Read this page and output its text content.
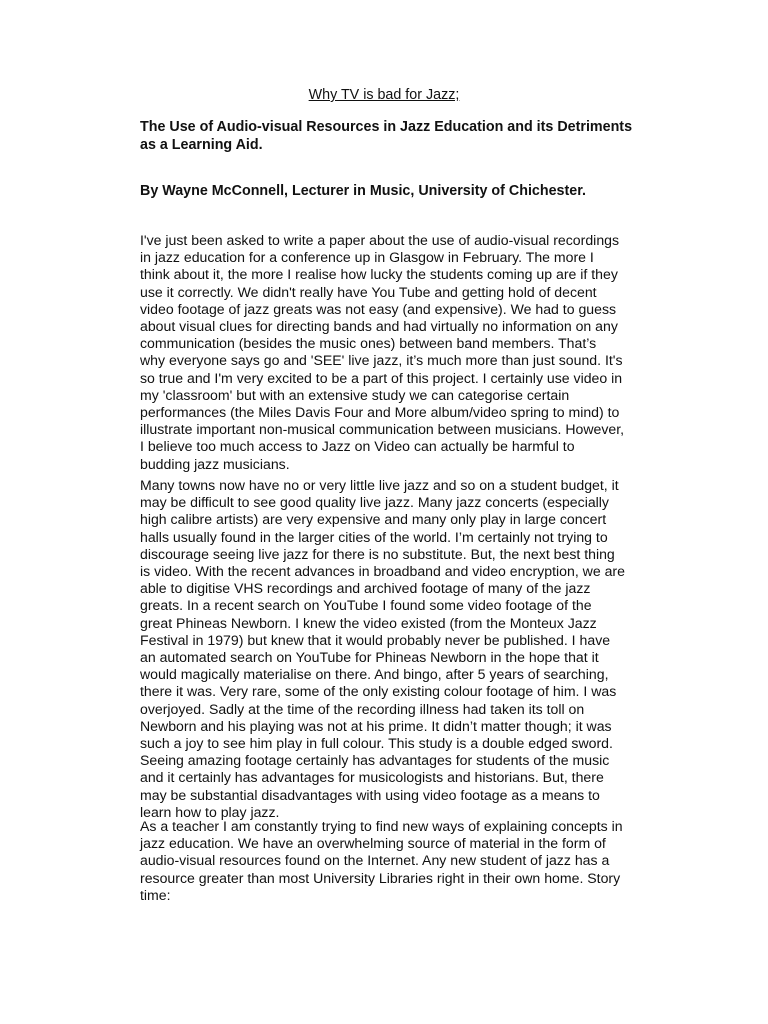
Why TV is bad for Jazz;
The Use of Audio-visual Resources in Jazz Education and its Detriments
as a Learning Aid.
By Wayne McConnell, Lecturer in Music, University of Chichester.
I've just been asked to write a paper about the use of audio-visual recordings
in jazz education for a conference up in Glasgow in February. The more I
think about it, the more I realise how lucky the students coming up are if they
use it correctly. We didn't really have You Tube and getting hold of decent
video footage of jazz greats was not easy (and expensive). We had to guess
about visual clues for directing bands and had virtually no information on any
communication (besides the music ones) between band members. That’s
why everyone says go and 'SEE' live jazz, it’s much more than just sound. It's
so true and I'm very excited to be a part of this project. I certainly use video in
my 'classroom' but with an extensive study we can categorise certain
performances (the Miles Davis Four and More album/video spring to mind) to
illustrate important non-musical communication between musicians. However,
I believe too much access to Jazz on Video can actually be harmful to
budding jazz musicians.
Many towns now have no or very little live jazz and so on a student budget, it
may be difficult to see good quality live jazz. Many jazz concerts (especially
high calibre artists) are very expensive and many only play in large concert
halls usually found in the larger cities of the world. I’m certainly not trying to
discourage seeing live jazz for there is no substitute. But, the next best thing
is video. With the recent advances in broadband and video encryption, we are
able to digitise VHS recordings and archived footage of many of the jazz
greats. In a recent search on YouTube I found some video footage of the
great Phineas Newborn. I knew the video existed (from the Monteux Jazz
Festival in 1979) but knew that it would probably never be published. I have
an automated search on YouTube for Phineas Newborn in the hope that it
would magically materialise on there. And bingo, after 5 years of searching,
there it was. Very rare, some of the only existing colour footage of him. I was
overjoyed. Sadly at the time of the recording illness had taken its toll on
Newborn and his playing was not at his prime. It didn’t matter though; it was
such a joy to see him play in full colour. This study is a double edged sword.
Seeing amazing footage certainly has advantages for students of the music
and it certainly has advantages for musicologists and historians. But, there
may be substantial disadvantages with using video footage as a means to
learn how to play jazz.
As a teacher I am constantly trying to find new ways of explaining concepts in
jazz education. We have an overwhelming source of material in the form of
audio-visual resources found on the Internet. Any new student of jazz has a
resource greater than most University Libraries right in their own home. Story
time:
